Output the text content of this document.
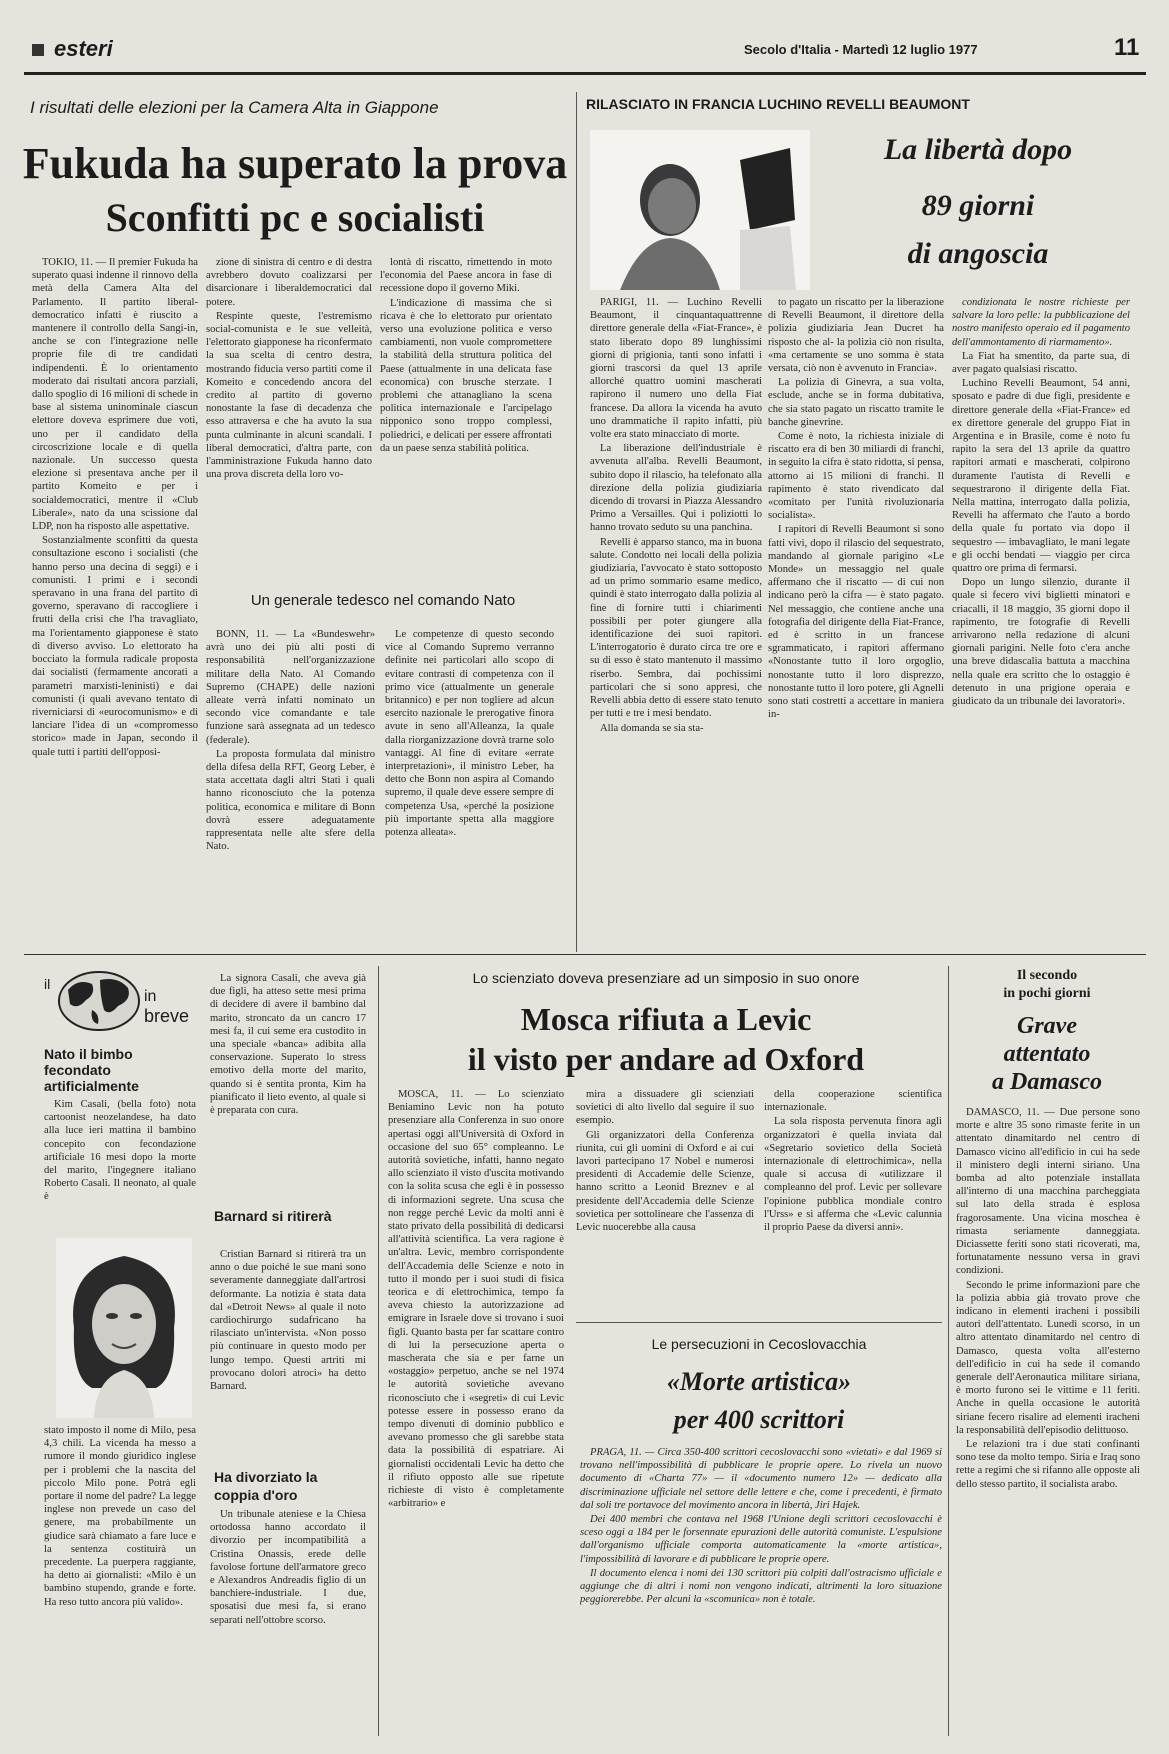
esteri	Secolo d'Italia - Martedì 12 luglio 1977	11
I risultati delle elezioni per la Camera Alta in Giappone
Fukuda ha superato la prova
Sconfitti pc e socialisti

TOKIO, 11. — Il premier Fukuda ha superato quasi indenne il rinnovo della metà della Camera Alta del Parlamento. Il partito liberal-democratico infatti è riuscito a mantenere il controllo della Sangi-in, anche se con l'integrazione nelle proprie file di tre candidati indipendenti. È lo orientamento moderato dai risultati ancora parziali, dallo spoglio di 16 milioni di schede in base al sistema uninominale ciascun elettore doveva esprimere due voti, uno per il candidato della circoscrizione locale e di quella nazionale. Un successo questa elezione si presentava anche per il partito Komeito e per i socialdemocratici, mentre il «Club Liberale», nato da una scissione dal LDP, non ha risposto alle aspettative.

Sostanzialmente sconfitti da questa consultazione escono i socialisti (che hanno perso una decina di seggi) e i comunisti. I primi e i secondi speravano in una frana del partito di governo, speravano di raccogliere i frutti della crisi che l'ha travagliato, ma l'orientamento giapponese è stato di diverso avviso. Lo elettorato ha bocciato la formula radicale proposta dai socialisti (fermamente ancorati a parametri marxisti-leninisti) e dai comunisti (i quali avevano tentato di riverniciarsi di «eurocomunismo» e di lanciare l'idea di un «compromesso storico» made in Japan, secondo il quale tutti i partiti dell'opposi-

zione di sinistra di centro e di destra avrebbero dovuto coalizzarsi per disarcionare i liberaldemocratici dal potere.

Respinte queste, l'estremismo social-comunista e le sue velleità, l'elettorato giapponese ha riconfermato la sua scelta di centro destra, mostrando fiducia verso partiti come il Komeito e concedendo ancora del credito al partito di governo nonostante la fase di decadenza che esso attraversa e che ha avuto la sua punta culminante in alcuni scandali. I liberal democratici, d'altra parte, con l'amministrazione Fukuda hanno dato una prova discreta della loro vo-

lontà di riscatto, rimettendo in moto l'economia del Paese ancora in fase di recessione dopo il governo Miki.

L'indicazione di massima che si ricava è che lo elettorato pur orientato verso una evoluzione politica e verso cambiamenti, non vuole compromettere la stabilità della struttura politica del Paese (attualmente in una delicata fase economica) con brusche sterzate. I problemi che attanagliano la scena politica internazionale e l'arcipelago nipponico sono troppo complessi, poliedrici, e delicati per essere affrontati da un paese senza stabilità politica.

Un generale tedesco nel comando Nato

BONN, 11. — La «Bundeswehr» avrà uno dei più alti posti di responsabilità nell'organizzazione militare della Nato. Al Comando Supremo (CHAPE) delle nazioni alleate verrà infatti nominato un secondo vice comandante e tale funzione sarà assegnata ad un tedesco (federale).

La proposta formulata dal ministro della difesa della RFT, Georg Leber, è stata accettata dagli altri Stati i quali hanno riconosciuto che la potenza politica, economica e militare di Bonn dovrà essere adeguatamente rappresentata nelle alte sfere della Nato.

Le competenze di questo secondo vice al Comando Supremo verranno definite nei particolari allo scopo di evitare contrasti di competenza con il primo vice (attualmente un generale britannico) e per non togliere ad alcun esercito nazionale le prerogative finora avute in seno all'Alleanza, la quale dalla riorganizzazione dovrà trarne solo vantaggi. Al fine di evitare «errate interpretazioni», il ministro Leber, ha detto che Bonn non aspira al Comando supremo, il quale deve essere sempre di competenza Usa, «perché la posizione più importante spetta alla maggiore potenza alleata».

RILASCIATO IN FRANCIA LUCHINO REVELLI BEAUMONT
La libertà dopo
89 giorni
di angoscia

PARIGI, 11. — Luchino Revelli Beaumont, il cinquantaquattrenne direttore generale della «Fiat-France», è stato liberato dopo 89 lunghissimi giorni di prigionia, tanti sono infatti i giorni trascorsi da quel 13 aprile allorché quattro uomini mascherati rapirono il numero uno della Fiat francese. Da allora la vicenda ha avuto uno drammatiche il rapito infatti, più volte era stato minacciato di morte.

La liberazione dell'industriale è avvenuta all'alba. Revelli Beaumont, subito dopo il rilascio, ha telefonato alla direzione della polizia giudiziaria dicendo di trovarsi in Piazza Alessandro Primo a Versailles. Qui i poliziotti lo hanno trovato seduto su una panchina.

Revelli è apparso stanco, ma in buona salute. Condotto nei locali della polizia giudiziaria, l'avvocato è stato sottoposto ad un primo sommario esame medico, quindi è stato interrogato dalla polizia al fine di fornire tutti i chiarimenti possibili per poter giungere alla identificazione dei suoi rapitori. L'interrogatorio è durato circa tre ore e su di esso è stato mantenuto il massimo riserbo. Sembra, dai pochissimi particolari che si sono appresi, che Revelli abbia detto di essere stato tenuto per tutti e tre i mesi bendato.

Alla domanda se sia sta-

to pagato un riscatto per la liberazione di Revelli Beaumont, il direttore della polizia giudiziaria Jean Ducret ha risposto che al- la polizia ciò non risulta, «ma certamente se uno somma è stata versata, ciò non è avvenuto in Francia».

La polizia di Ginevra, a sua volta, esclude, anche se in forma dubitativa, che sia stato pagato un riscatto tramite le banche ginevrine.

Come è noto, la richiesta iniziale di riscatto era di ben 30 miliardi di franchi, in seguito la cifra è stato ridotta, si pensa, attorno ai 15 milioni di franchi. Il rapimento è stato rivendicato dal «comitato per l'unità rivoluzionaria socialista».

I rapitori di Revelli Beaumont si sono fatti vivi, dopo il rilascio del sequestrato, mandando al giornale parigino «Le Monde» un messaggio nel quale affermano che il riscatto — di cui non indicano però la cifra — è stato pagato. Nel messaggio, che contiene anche una fotografia del dirigente della Fiat-France, ed è scritto in un francese sgrammaticato, i rapitori affermano «Nonostante tutto il loro orgoglio, nonostante tutto il loro disprezzo, nonostante tutto il loro potere, gli Agnelli sono stati costretti a accettare in maniera in-

condizionata le nostre richieste per salvare la loro pelle: la pubblicazione del nostro manifesto operaio ed il pagamento dell'ammontamento di riarmamento».

La Fiat ha smentito, da parte sua, di aver pagato qualsiasi riscatto.

Luchino Revelli Beaumont, 54 anni, sposato e padre di due figli, presidente e direttore generale della «Fiat-France» ed ex direttore generale del gruppo Fiat in Argentina e in Brasile, come è noto fu rapito la sera del 13 aprile da quattro rapitori armati e mascherati, colpirono duramente l'autista di Revelli e sequestrarono il dirigente della Fiat. Nella mattina, interrogato dalla polizia, Revelli ha affermato che l'auto a bordo della quale fu portato via dopo il sequestro — imbavagliato, le mani legate e gli occhi bendati — viaggio per circa quattro ore prima di fermarsi.

Dopo un lungo silenzio, durante il quale si fecero vivi biglietti minatori e criacalli, il 18 maggio, 35 giorni dopo il rapimento, tre fotografie di Revelli arrivarono nella redazione di alcuni giornali parigini. Nelle foto c'era anche una breve didascalia battuta a macchina nella quale era scritto che lo ostaggio è detenuto in una prigione operaia e giudicato da un tribunale dei lavoratori».

il
in
breve
Nato il bimbo fecondato artificialmente

Kim Casali, (bella foto) nota cartoonist neozelandese, ha dato alla luce ieri mattina il bambino concepito con fecondazione artificiale 16 mesi dopo la morte del marito, l'ingegnere italiano Roberto Casali. Il neonato, al quale è

stato imposto il nome di Milo, pesa 4,3 chili. La vicenda ha messo a rumore il mondo giuridico inglese per i problemi che la nascita del piccolo Milo pone. Potrà egli portare il nome del padre? La legge inglese non prevede un caso del genere, ma probabilmente un giudice sarà chiamato a fare luce e la sentenza costituirà un precedente. La puerpera raggiante, ha detto ai giornalisti: «Milo è un bambino stupendo, grande e forte. Ha reso tutto ancora più valido».

La signora Casali, che aveva già due figli, ha atteso sette mesi prima di decidere di avere il bambino dal marito, stroncato da un cancro 17 mesi fa, il cui seme era custodito in una speciale «banca» adibita alla conservazione. Superato lo stress emotivo della morte del marito, quando si è sentita pronta, Kim ha pianificato il lieto evento, al quale si è preparata con cura.

Barnard si ritirerà

Cristian Barnard si ritirerà tra un anno o due poiché le sue mani sono severamente danneggiate dall'artrosi deformante. La notizia è stata data dal «Detroit News» al quale il noto cardiochirurgo sudafricano ha rilasciato un'intervista. «Non posso più continuare in questo modo per lungo tempo. Questi artriti mi provocano dolori atroci» ha detto Barnard.

Ha divorziato la coppia d'oro

Un tribunale ateniese e la Chiesa ortodossa hanno accordato il divorzio per incompatibilità a Cristina Onassis, erede delle favolose fortune dell'armatore greco e Alexandros Andreadis figlio di un banchiere-industriale. I due, sposatisi due mesi fa, si erano separati nell'ottobre scorso.

Lo scienziato doveva presenziare ad un simposio in suo onore
Mosca rifiuta a Levic
il visto per andare ad Oxford

MOSCA, 11. — Lo scienziato Beniamino Levic non ha potuto presenziare alla Conferenza in suo onore apertasi oggi all'Università di Oxford in occasione del suo 65° compleanno. Le autorità sovietiche, infatti, hanno negato allo scienziato il visto d'uscita motivando con la solita scusa che egli è in possesso di informazioni segrete. Una scusa che non regge perché Levic da molti anni è stato privato della possibilità di dedicarsi all'attività scientifica. La vera ragione è un'altra. Levic, membro corrispondente dell'Accademia delle Scienze e noto in tutto il mondo per i suoi studi di fisica teorica e di elettrochimica, tempo fa aveva chiesto la autorizzazione ad emigrare in Israele dove si trovano i suoi figli. Quanto basta per far scattare contro di lui la persecuzione aperta o mascherata che sia e per farne un «ostaggio» perpetuo, anche se nel 1974 le autorità sovietiche avevano riconosciuto che i «segreti» di cui Levic potesse essere in possesso erano da tempo divenuti di dominio pubblico e avevano promesso che gli sarebbe stata data la possibilità di espatriare. Ai giornalisti occidentali Levic ha detto che il rifiuto opposto alle sue ripetute richieste di visto è completamente «arbitrario» e

mira a dissuadere gli scienziati sovietici di alto livello dal seguire il suo esempio.

Gli organizzatori della Conferenza riunita, cui gli uomini di Oxford e ai cui lavori partecipano 17 Nobel e numerosi presidenti di Accademie delle Scienze, hanno scritto a Leonid Breznev e al presidente dell'Accademia delle Scienze sovietica per sottolineare che l'assenza di Levic nuocerebbe alla causa

della cooperazione scientifica internazionale.

La sola risposta pervenuta finora agli organizzatori è quella inviata dal «Segretario sovietico della Società internazionale di elettrochimica», nella quale si accusa di «utilizzare il compleanno del prof. Levic per sollevare l'opinione pubblica mondiale contro l'Urss» e si afferma che «Levic calunnia il proprio Paese da diversi anni».

Le persecuzioni in Cecoslovacchia
«Morte artistica»
per 400 scrittori

PRAGA, 11. — Circa 350-400 scrittori cecoslovacchi sono «vietati» e dal 1969 si trovano nell'impossibilità di pubblicare le proprie opere. Lo rivela un nuovo documento di «Charta 77» — il «documento numero 12» — dedicato alla discriminazione ufficiale nel settore delle lettere e che, come i precedenti, è firmato dal soli tre portavoce del movimento ancora in libertà, Jiri Hajek.

Dei 400 membri che contava nel 1968 l'Unione degli scrittori cecoslovacchi è sceso oggi a 184 per le forsennate epurazioni delle autorità comuniste. L'espulsione dall'organismo ufficiale comporta automaticamente la «morte artistica», l'impossibilità di lavorare e di pubblicare le proprie opere.

Il documento elenca i nomi dei 130 scrittori più colpiti dall'ostracismo ufficiale e aggiunge che di altri i nomi non vengono indicati, altrimenti la loro situazione peggiorerebbe. Per alcuni la «scomunica» non è totale.

Il secondo
in pochi giorni
Grave
attentato
a Damasco

DAMASCO, 11. — Due persone sono morte e altre 35 sono rimaste ferite in un attentato dinamitardo nel centro di Damasco vicino all'edificio in cui ha sede il ministero degli interni siriano. Una bomba ad alto potenziale installata all'interno di una macchina parcheggiata sul lato della strada è esplosa fragorosamente. Una vicina moschea è rimasta seriamente danneggiata. Diciassette feriti sono stati ricoverati, ma, fortunatamente nessuno versa in gravi condizioni.

Secondo le prime informazioni pare che la polizia abbia già trovato prove che indicano in elementi iracheni i possibili autori dell'attentato. Lunedì scorso, in un altro attentato dinamitardo nel centro di Damasco, questa volta all'esterno dell'edificio in cui ha sede il comando generale dell'Aeronautica militare siriana, è morto furono sei le vittime e 11 feriti. Anche in quella occasione le autorità siriane fecero risalire ad elementi iracheni la responsabilità dell'episodio delittuoso.

Le relazioni tra i due stati confinanti sono tese da molto tempo. Siria e Iraq sono rette a regimi che si rifanno alle opposte ali dello stesso partito, il socialista arabo.
